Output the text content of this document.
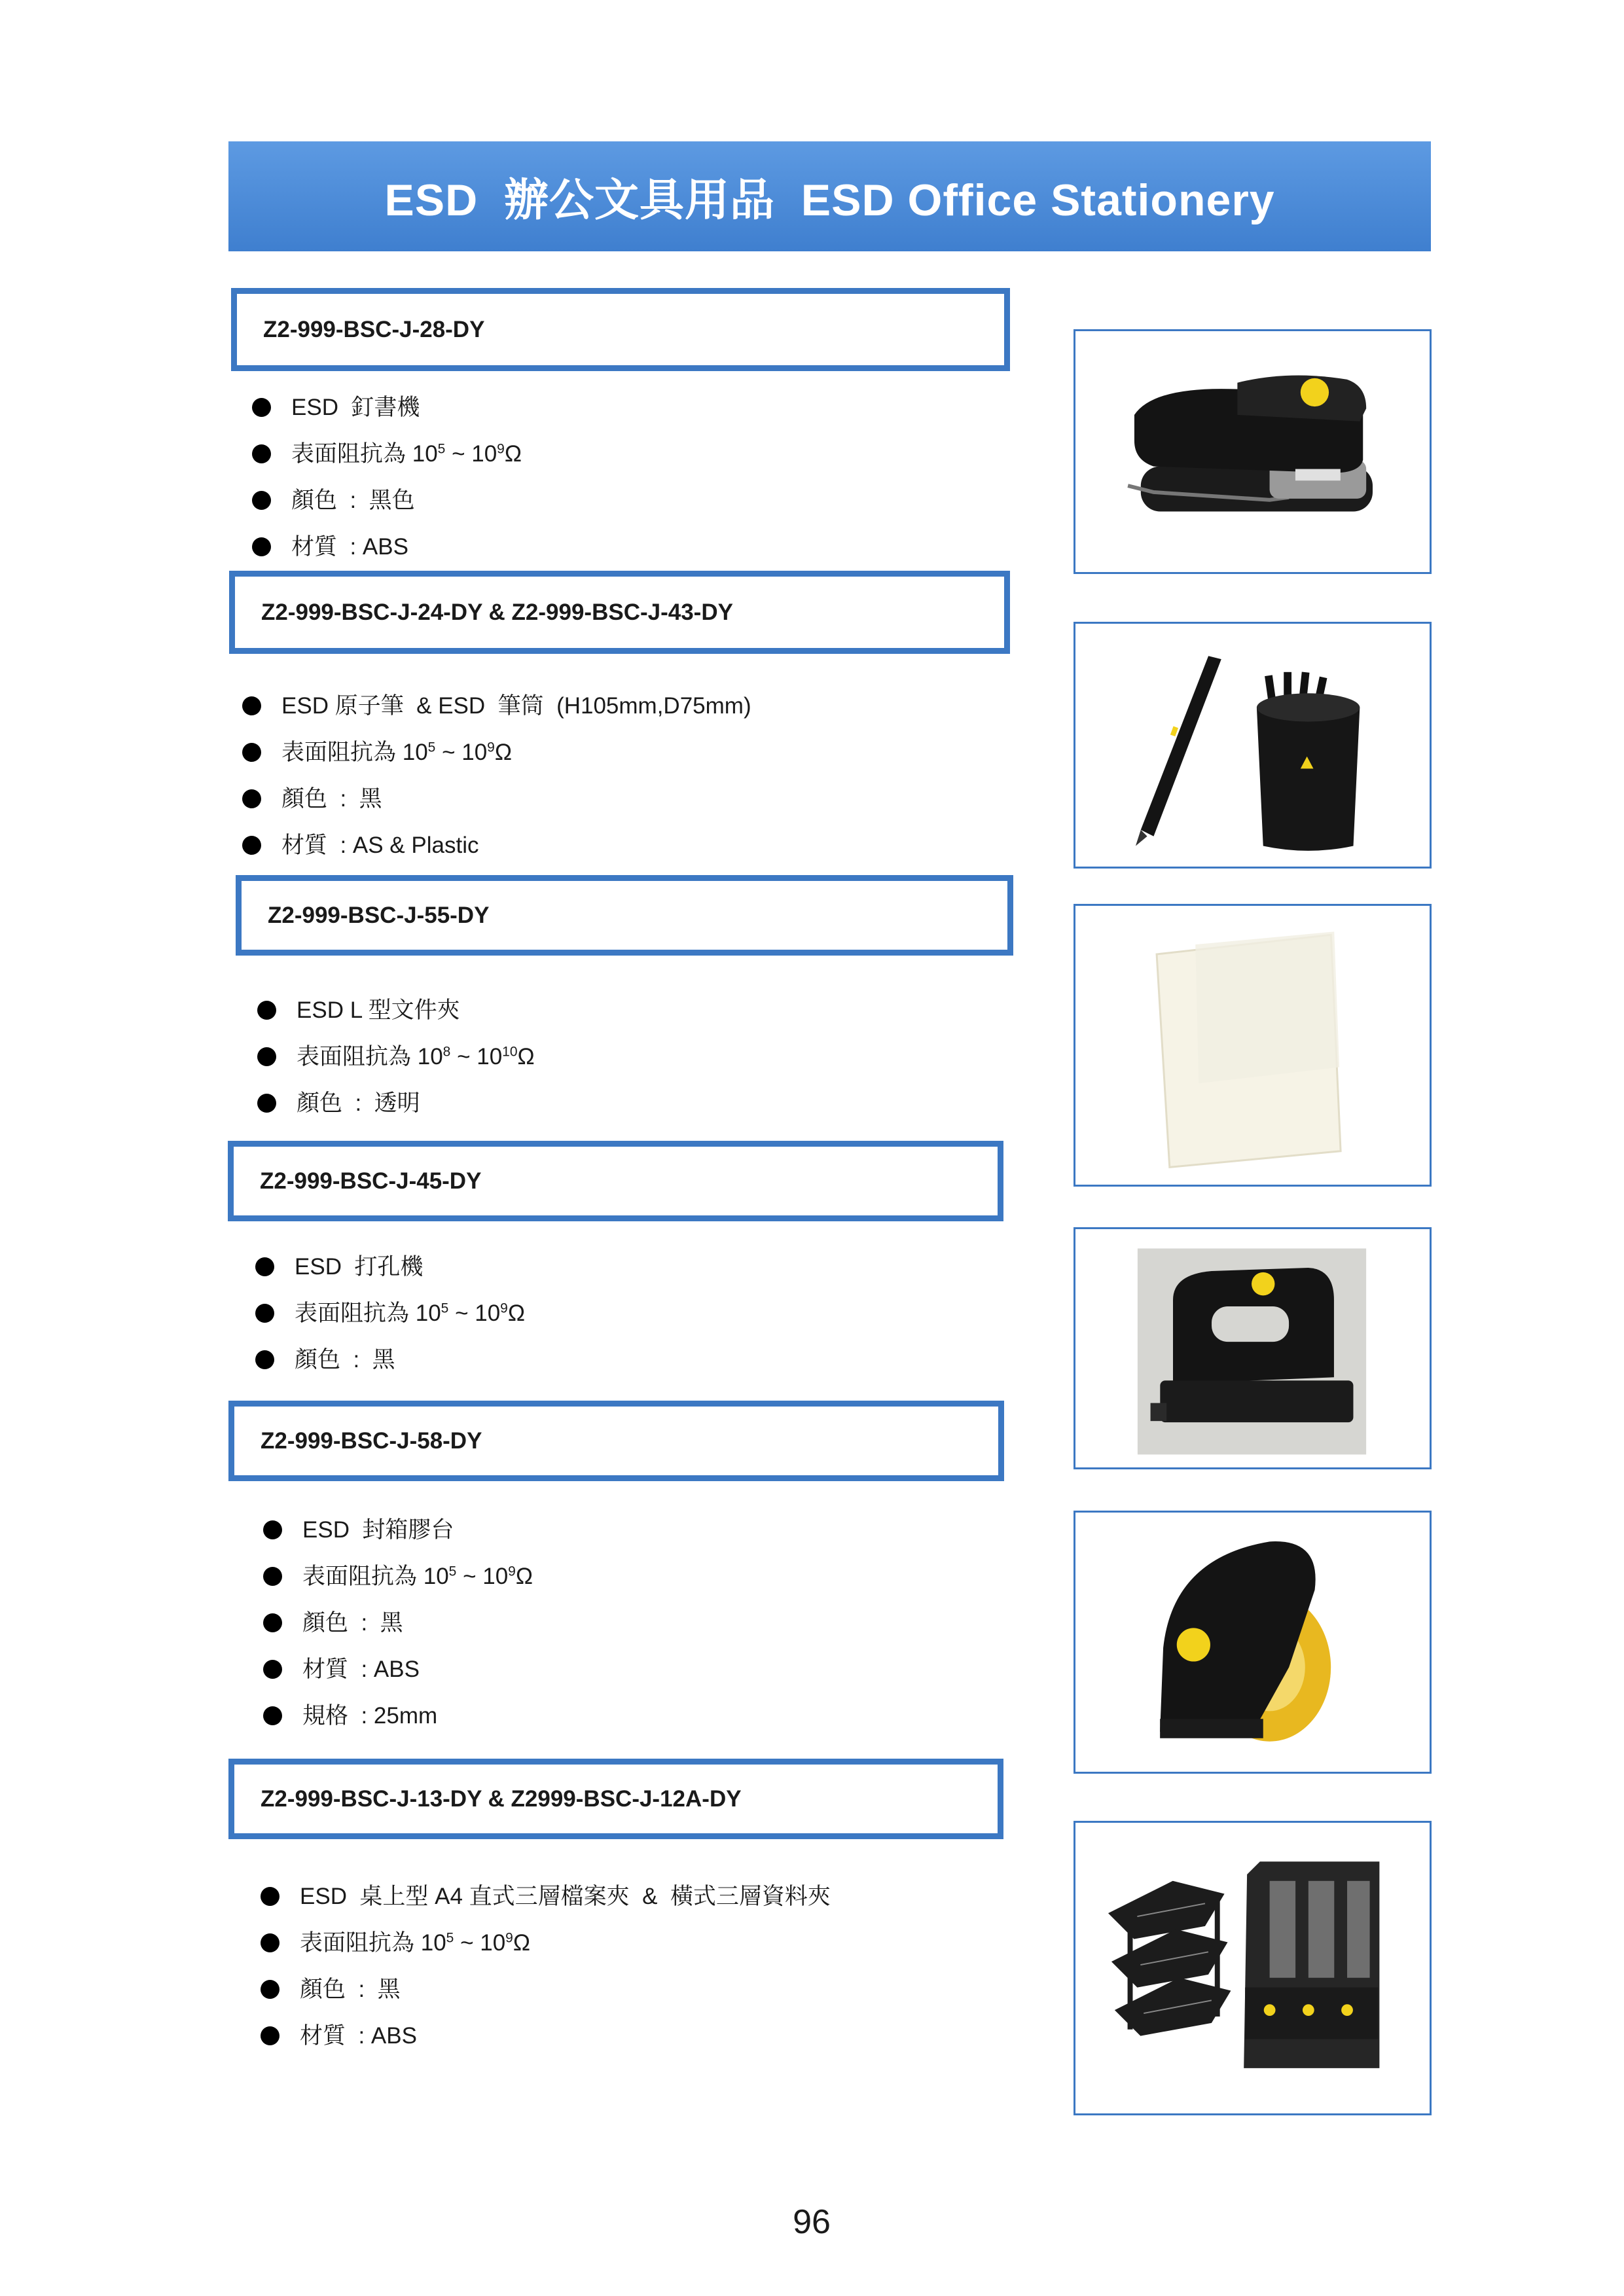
ESD  辦公文具用品  ESD Office Stationery
Z2-999-BSC-J-28-DY
ESD  釘書機
表面阻抗為 $10^5$ ~ $10^9\Omega$
顏色  :  黑色
材質  : ABS
Z2-999-BSC-J-24-DY & Z2-999-BSC-J-43-DY
ESD 原子筆  & ESD  筆筒  (H105mm,D75mm)
表面阻抗為 $10^5$ ~ $10^9\Omega$
顏色  :  黑
材質  : AS & Plastic
Z2-999-BSC-J-55-DY
ESD L 型文件夾
表面阻抗為 $10^8$ ~ $10^{10}\Omega$
顏色  :  透明
Z2-999-BSC-J-45-DY
ESD  打孔機
表面阻抗為 $10^5$ ~ $10^9\Omega$
顏色  :  黑
Z2-999-BSC-J-58-DY
ESD  封箱膠台
表面阻抗為 $10^5$ ~ $10^9\Omega$
顏色  :  黑
材質  : ABS
規格  : 25mm
Z2-999-BSC-J-13-DY & Z2999-BSC-J-12A-DY
ESD  桌上型 A4 直式三層檔案夾  &  橫式三層資料夾
表面阻抗為 $10^5$ ~ $10^9\Omega$
顏色  :  黑
材質  : ABS
96
